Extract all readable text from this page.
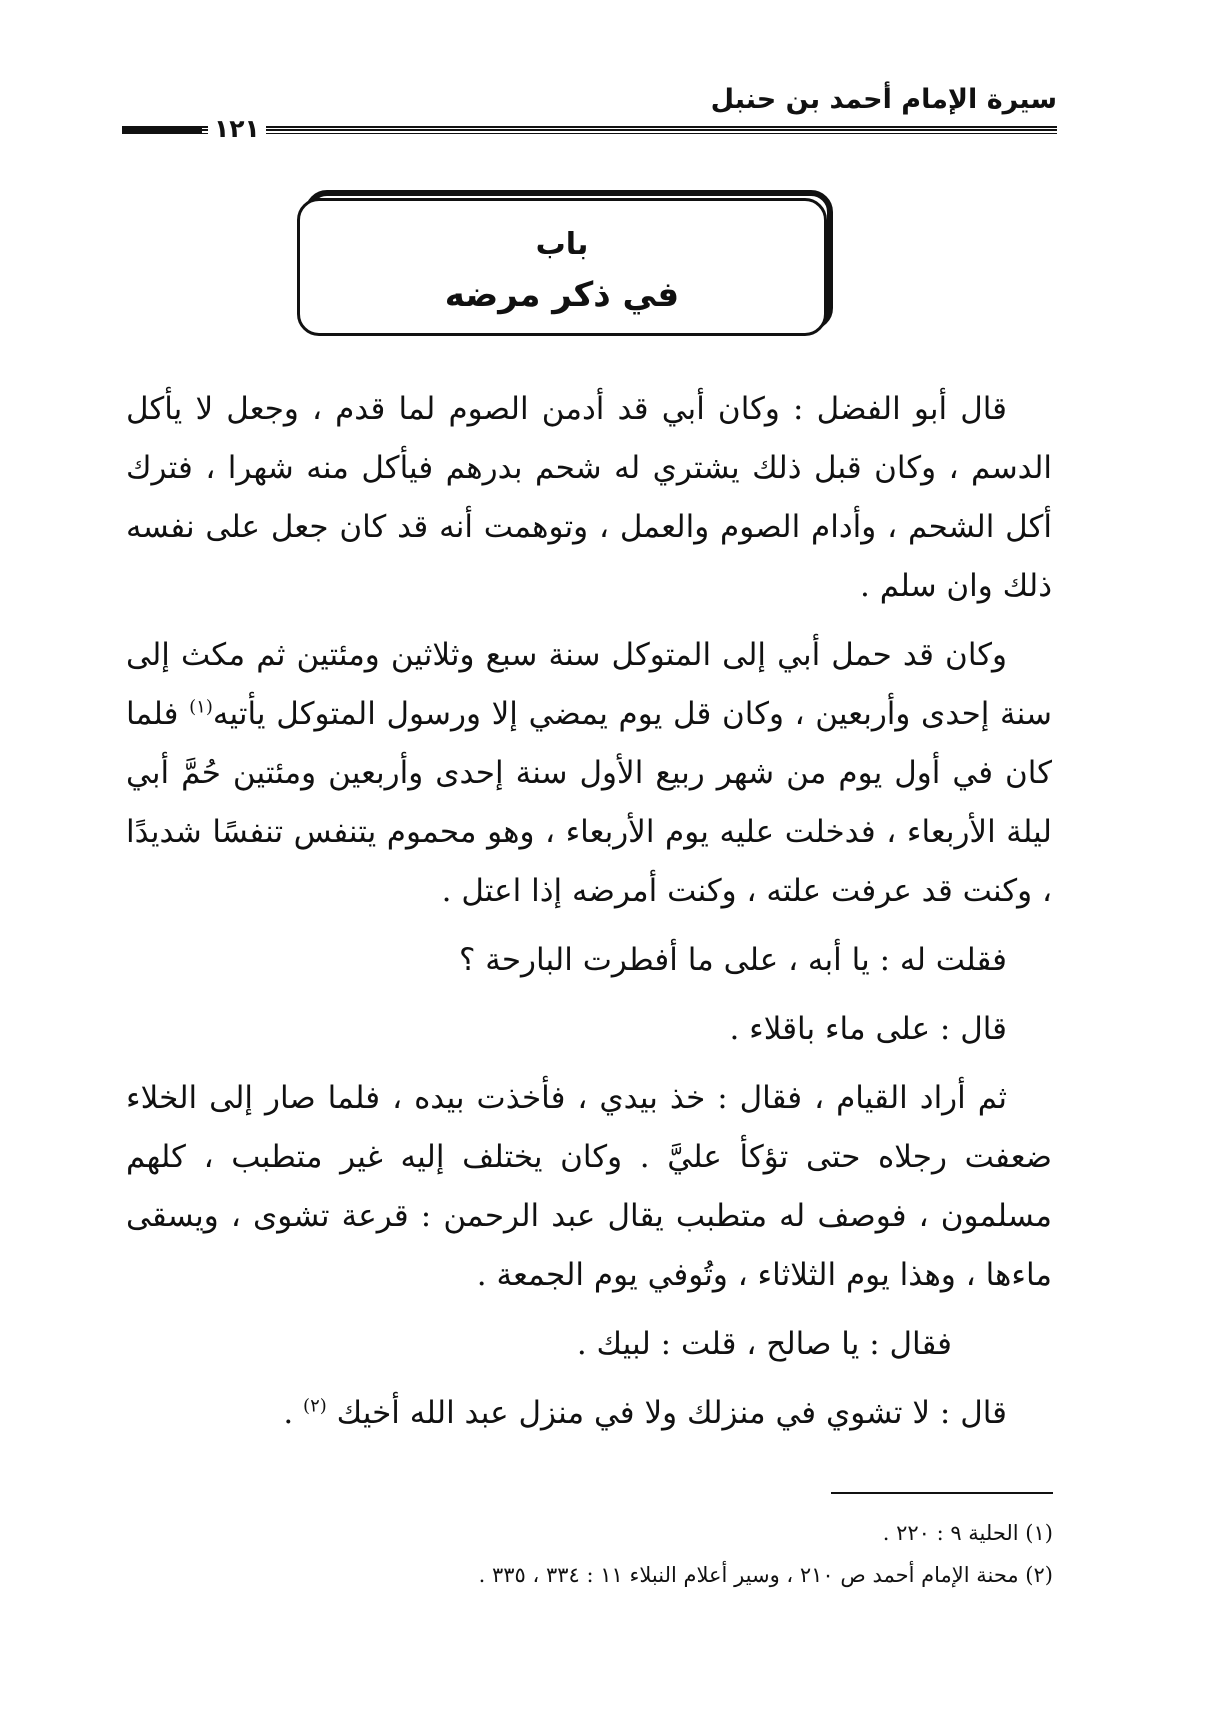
سيرة الإمام أحمد بن حنبل
١٢١
باب
في ذكر مرضه

قال أبو الفضل : وكان أبي قد أدمن الصوم لما قدم ، وجعل لا يأكل الدسم ، وكان قبل ذلك يشتري له شحم بدرهم فيأكل منه شهرا ، فترك أكل الشحم ، وأدام الصوم والعمل ، وتوهمت أنه قد كان جعل على نفسه ذلك وان سلم .

وكان قد حمل أبي إلى المتوكل سنة سبع وثلاثين ومئتين ثم مكث إلى سنة إحدى وأربعين ، وكان قل يوم يمضي إلا ورسول المتوكل يأتيه$^{(١)}$ فلما كان في أول يوم من شهر ربيع الأول سنة إحدى وأربعين ومئتين حُمَّ أبي ليلة الأربعاء ، فدخلت عليه يوم الأربعاء ، وهو محموم يتنفس تنفسًا شديدًا ، وكنت قد عرفت علته ، وكنت أمرضه إذا اعتل .

فقلت له : يا أبه ، على ما أفطرت البارحة ؟

قال : على ماء باقلاء .

ثم أراد القيام ، فقال : خذ بيدي ، فأخذت بيده ، فلما صار إلى الخلاء ضعفت رجلاه حتى تؤكأ عليَّ . وكان يختلف إليه غير متطبب ، كلهم مسلمون ، فوصف له متطبب يقال عبد الرحمن : قرعة تشوى ، ويسقى ماءها ، وهذا يوم الثلاثاء ، وتُوفي يوم الجمعة .

فقال : يا صالح ، قلت : لبيك .

قال : لا تشوي في منزلك ولا في منزل عبد الله أخيك $^{(٢)}$ .

(١) الحلية ٩ : ٢٢٠ .

(٢) محنة الإمام أحمد ص ٢١٠ ، وسير أعلام النبلاء ١١ : ٣٣٤ ، ٣٣٥ .
